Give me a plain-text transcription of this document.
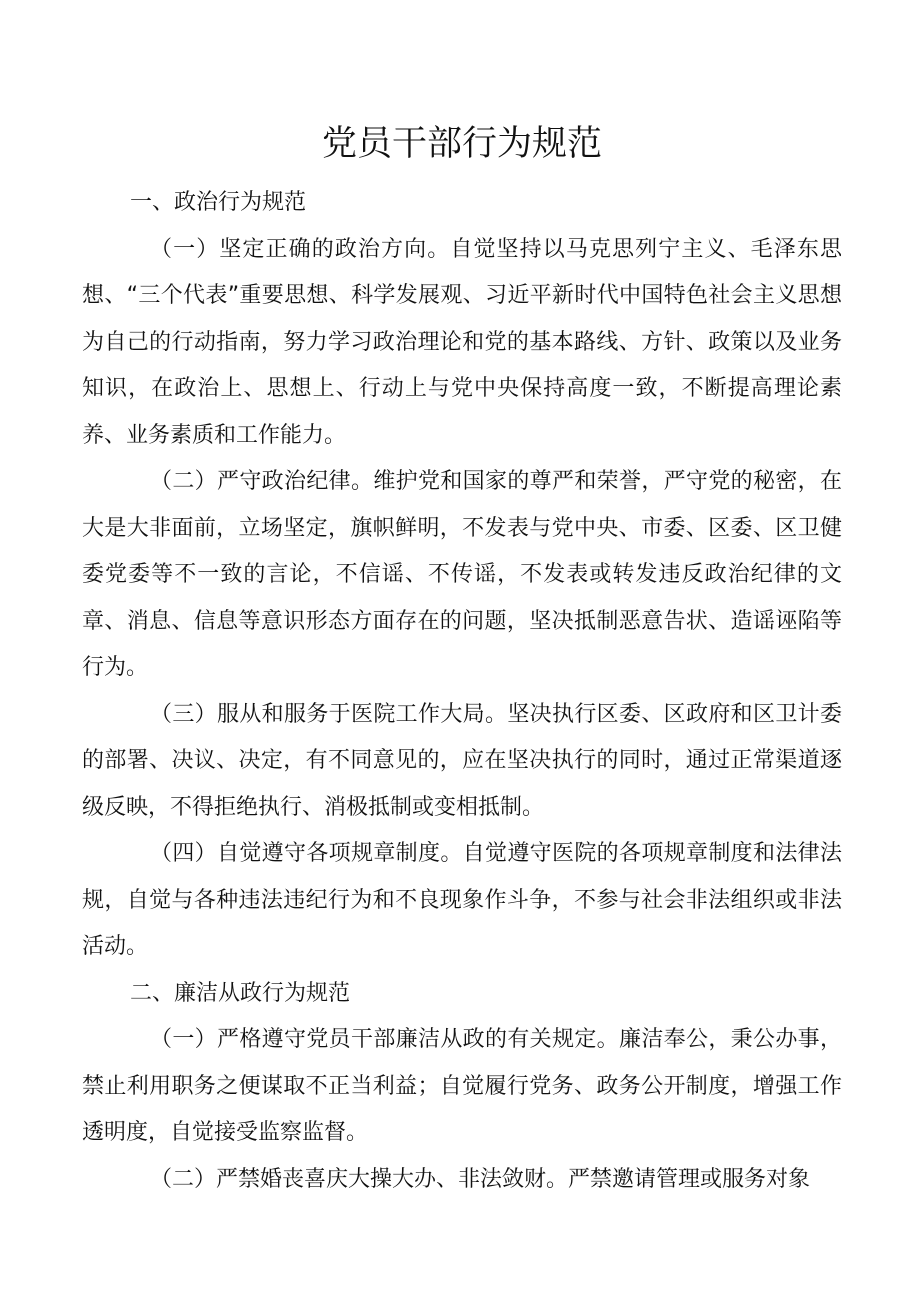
党员干部行为规范

一、政治行为规范

（一）坚定正确的政治方向。自觉坚持以马克思列宁主义、毛泽东思想、“三个代表”重要思想、科学发展观、习近平新时代中国特色社会主义思想为自己的行动指南，努力学习政治理论和党的基本路线、方针、政策以及业务知识，在政治上、思想上、行动上与党中央保持高度一致，不断提高理论素养、业务素质和工作能力。

（二）严守政治纪律。维护党和国家的尊严和荣誉，严守党的秘密，在大是大非面前，立场坚定，旗帜鲜明，不发表与党中央、市委、区委、区卫健委党委等不一致的言论，不信谣、不传谣，不发表或转发违反政治纪律的文章、消息、信息等意识形态方面存在的问题，坚决抵制恶意告状、造谣诬陷等行为。

（三）服从和服务于医院工作大局。坚决执行区委、区政府和区卫计委的部署、决议、决定，有不同意见的，应在坚决执行的同时，通过正常渠道逐级反映，不得拒绝执行、消极抵制或变相抵制。

（四）自觉遵守各项规章制度。自觉遵守医院的各项规章制度和法律法规，自觉与各种违法违纪行为和不良现象作斗争，不参与社会非法组织或非法活动。

二、廉洁从政行为规范

（一）严格遵守党员干部廉洁从政的有关规定。廉洁奉公，秉公办事，禁止利用职务之便谋取不正当利益；自觉履行党务、政务公开制度，增强工作透明度，自觉接受监察监督。

（二）严禁婚丧喜庆大操大办、非法敛财。严禁邀请管理或服务对象
